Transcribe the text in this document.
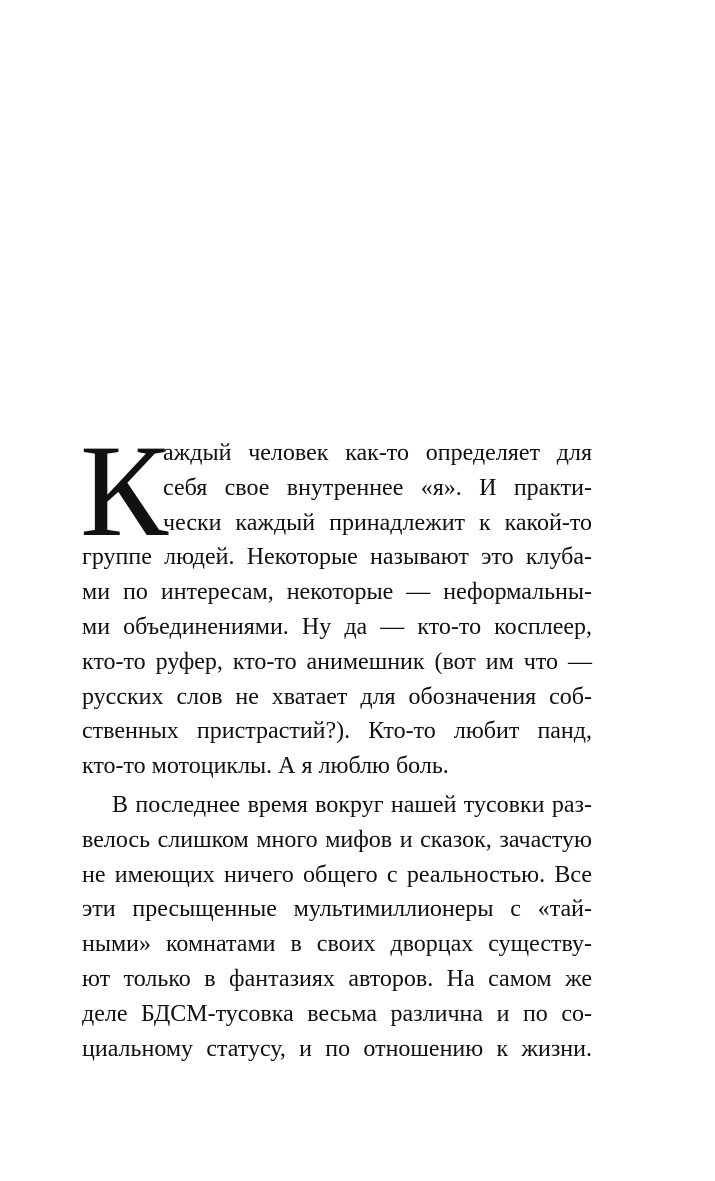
К
аждый человек как-то определяет для
себя свое внутреннее «я». И практи-
чески каждый принадлежит к какой-то
группе людей. Некоторые называют это клуба-
ми по интересам, некоторые — неформальны-
ми объединениями. Ну да — кто-то косплеер,
кто-то руфер, кто-то анимешник (вот им что —
русских слов не хватает для обозначения соб-
ственных пристрастий?). Кто-то любит панд,
кто-то мотоциклы. А я люблю боль.
В последнее время вокруг нашей тусовки раз-
велось слишком много мифов и сказок, зачастую
не имеющих ничего общего с реальностью. Все
эти пресыщенные мультимиллионеры с «тай-
ными» комнатами в своих дворцах существу-
ют только в фантазиях авторов. На самом же
деле БДСМ-тусовка весьма различна и по со-
циальному статусу, и по отношению к жизни.
